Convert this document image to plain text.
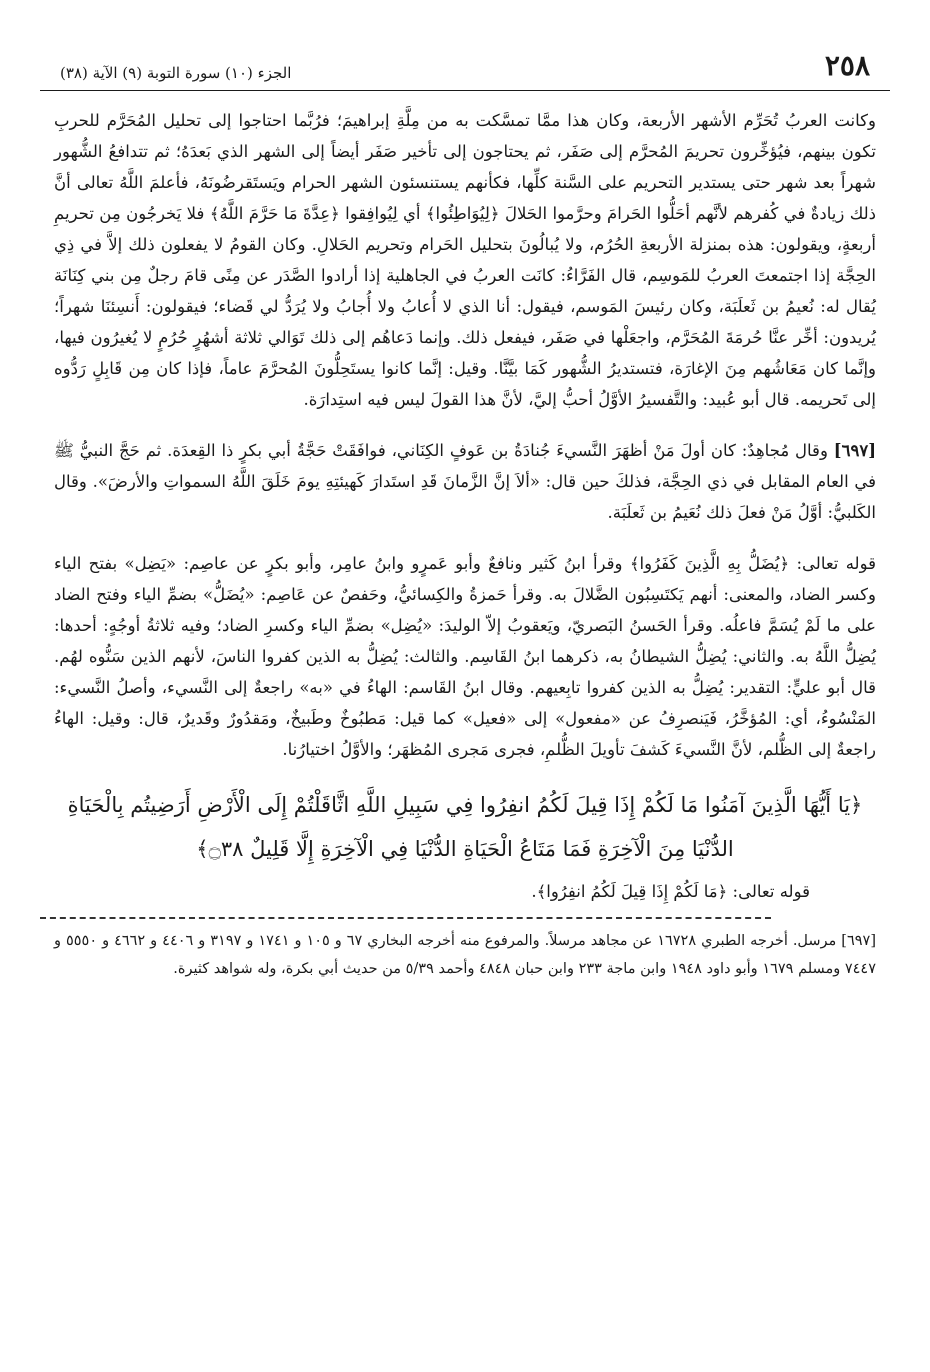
٢٥٨
الجزء (١٠) سورة التوبة (٩) الآية (٣٨)

وكانت العربُ تُحَرِّم الأشهر الأربعة، وكان هذا ممَّا تمسَّكت به من مِلَّةِ إبراهيمَ؛ فرُبَّما احتاجوا إلى تحليل المُحَرَّم للحربِ تكون بينهم، فيُؤخِّرون تحريمَ المُحرَّم إلى صَفَر، ثم يحتاجون إلى تأخير صَفَر أيضاً إلى الشهر الذي بَعدَهُ؛ ثم تتدافعُ الشُّهور شهراً بعد شهر حتى يستدير التحريم على السَّنة كلِّها، فكأنهم يستنسئون الشهر الحرام ويَستَقرضُونَهُ، فأعلمَ اللَّهُ تعالى أنَّ ذلك زيادةٌ في كُفرهم لأنَّهم أحَلُّوا الحَرامَ وحرَّموا الحَلالَ ﴿لِيُوَاطِئُوا﴾ أي لِيُوافِقوا ﴿عِدَّةَ مَا حَرَّمَ اللَّهُ﴾ فلا يَخرجُون مِن تحريمِ أربعةٍ، ويقولون: هذه بمنزلة الأربعةِ الحُرُم، ولا يُبالُونَ بتحليل الحَرام وتحريم الحَلالِ. وكان القومُ لا يفعلون ذلك إلاَّ في ذِي الحِجَّة إذا اجتمعتَ العربُ للمَوسِم، قال الفَرَّاءُ: كانَت العربُ في الجاهلية إذا أرادوا الصَّدَر عن مِنًى قامَ رجلٌ مِن بني كِنَانَة يُقال له: نُعيمُ بن ثَعلَبَة، وكان رئيسَ المَوسم، فيقول: أنا الذي لا أُعابُ ولا أُجابُ ولا يُرَدُّ لي قَضاء؛ فيقولون: أَنسِئنَا شهراً؛ يُريدون: أخِّر عنَّا حُرمَةَ المُحَرَّم، واجعَلْها في صَفَر، فيفعل ذلك. وإنما دَعاهُم إلى ذلك تَوَالي ثلاثة أشهُرٍ حُرُمٍ لا يُغيرُون فيها، وإنَّما كان مَعَاشُهم مِنَ الإغارَة، فتستديرُ الشُّهور كَمَا بيَّنَّا. وقيل: إنَّما كانوا يستَحِلُّونَ المُحرَّمَ عاماً، فإذا كان مِن قَابِلٍ رَدُّوه إلى تَحريمه. قال أبو عُبيد: والتَّفسيرُ الأوَّلُ أحبُّ إليَّ، لأنَّ هذا القولَ ليس فيه استِدارَة.

[٦٩٧] وقال مُجاهِدٌ: كان أولَ مَنْ أظهَرَ النَّسيءَ جُنادَةُ بن عَوفٍ الكِنَاني، فوافَقَتْ حَجَّةُ أبي بكرٍ ذا القِعدَة. ثم حَجَّ النبيُّ ﷺ في العام المقابل في ذي الحِجَّة، فذلكَ حين قال: «ألاَ إنَّ الزَّمانَ قَدِ استَدارَ كَهيئتِهِ يومَ خَلَقَ اللَّهُ السمواتِ والأرضَ». وقال الكَلبيُّ: أوَّلُ مَنْ فعلَ ذلك نُعَيمُ بن ثَعلَبَة.

قوله تعالى: ﴿يُضَلُّ بِهِ الَّذِينَ كَفَرُوا﴾ وقرأ ابنُ كَثير ونافعٌ وأبو عَمرٍو وابنُ عامِر، وأبو بكرٍ عن عاصِم: «يَضِل» بفتح الياء وكسر الضاد، والمعنى: أنهم يَكتَسِبُون الضَّلالَ به. وقرأ حَمزةُ والكِسائيُّ، وحَفصٌ عن عَاصِم: «يُضَلُّ» بضمِّ الياء وفتح الضاد على ما لَمْ يُسَمَّ فاعلُه. وقرأ الحَسنُ البَصريّ، ويَعقوبُ إلاّ الوليدَ: «يُضِل» بضمِّ الياء وكسرِ الضاد؛ وفيه ثلاثةُ أوجُهٍ: أحدها: يُضِلُّ اللَّهُ به. والثاني: يُضِلُّ الشيطانُ به، ذكرهما ابنُ القَاسِم. والثالث: يُضِلُّ به الذين كفروا الناسَ، لأنهم الذين سَنُّوه لهُم. قال أبو عليٍّ: التقدير: يُضِلُّ به الذين كفروا تابِعيهم. وقال ابنُ القَاسم: الهاءُ في «به» راجعةٌ إلى النَّسيء، وأصلُ النَّسيء: المَنْسُوءُ، أي: المُؤخَّرُ، فَيَنصرِفُ عن «مفعول» إلى «فعيل» كما قيل: مَطبُوخٌ وطَبيخٌ، ومَقدُورٌ وقَديرٌ، قال: وقيل: الهاءُ راجعةٌ إلى الظُّلم، لأنَّ النَّسيءَ كَشفَ تأويلَ الظُّلمِ، فجرى مَجرى المُظهَر؛ والأوَّلُ اختيارُنا.

﴿يَا أَيُّهَا الَّذِينَ آمَنُوا مَا لَكُمْ إِذَا قِيلَ لَكُمُ انفِرُوا فِي سَبِيلِ اللَّهِ اثَّاقَلْتُمْ إِلَى الْأَرْضِ أَرَضِيتُم بِالْحَيَاةِ الدُّنْيَا مِنَ الْآخِرَةِ فَمَا مَتَاعُ الْحَيَاةِ الدُّنْيَا فِي الْآخِرَةِ إِلَّا قَلِيلٌ ۝٣٨﴾
قوله تعالى: ﴿مَا لَكُمْ إِذَا قِيلَ لَكُمُ انفِرُوا﴾.
[٦٩٧] مرسل. أخرجه الطبري ١٦٧٢٨ عن مجاهد مرسلاً. والمرفوع منه أخرجه البخاري ٦٧ و ١٠٥ و ١٧٤١ و ٣١٩٧ و ٤٤٠٦ و ٤٦٦٢ و ٥٥٥٠ و ٧٤٤٧ ومسلم ١٦٧٩ وأبو داود ١٩٤٨ وابن ماجة ٢٣٣ وابن حبان ٤٨٤٨ وأحمد ٥/٣٩ من حديث أبي بكرة، وله شواهد كثيرة.
